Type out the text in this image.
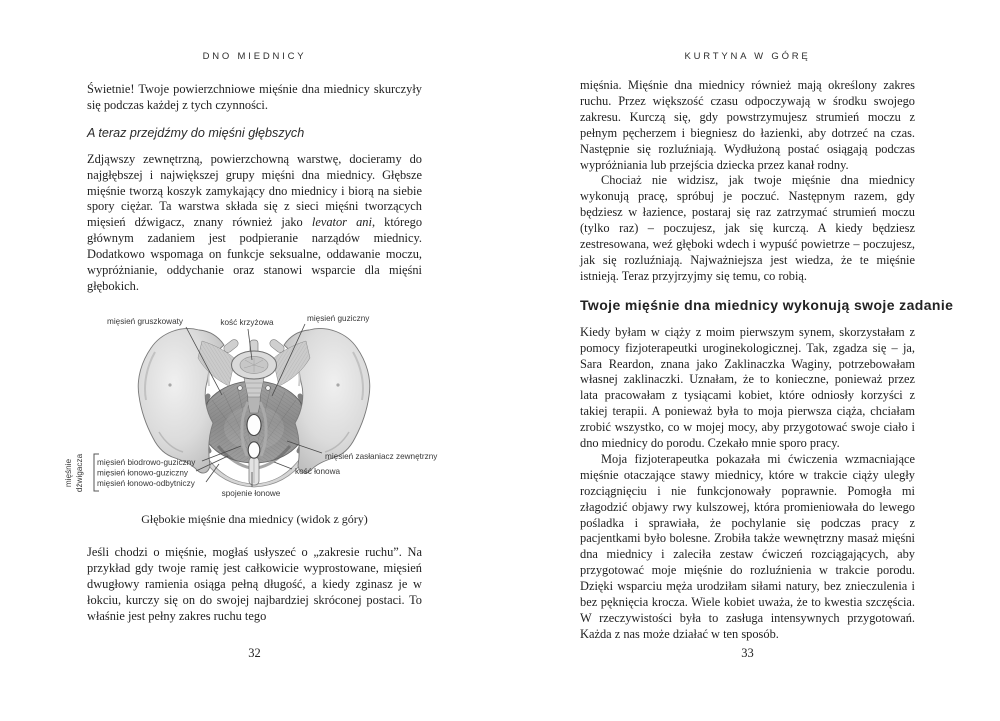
DNO MIEDNICY

Świetnie! Twoje powierzchniowe mięśnie dna miednicy skurczyły się podczas każdej z tych czynności.

A teraz przejdźmy do mięśni głębszych

Zdjąwszy zewnętrzną, powierzchowną warstwę, docieramy do najgłębszej i największej grupy mięśni dna miednicy. Głębsze mięśnie tworzą koszyk zamykający dno miednicy i biorą na siebie spory ciężar. Ta warstwa składa się z sieci mięśni tworzących mięsień dźwigacz, znany również jako levator ani, którego głównym zadaniem jest podpieranie narządów miednicy. Dodatkowo wspomaga on funkcje seksualne, oddawanie moczu, wypróżnianie, oddychanie oraz stanowi wsparcie dla mięśni głębokich.

mięsień gruszkowaty	kość krzyżowa	mięsień guziczny
mięsień zasłaniacz zewnętrzny
kość łonowa
spojenie łonowe
mięsień biodrowo-guziczny
mięsień łonowo-guziczny
mięsień łonowo-odbytniczy
mięśnie dźwigacza
Głębokie mięśnie dna miednicy (widok z góry)

Jeśli chodzi o mięśnie, mogłaś usłyszeć o „zakresie ruchu”. Na przykład gdy twoje ramię jest całkowicie wyprostowane, mięsień dwugłowy ramienia osiąga pełną długość, a kiedy zginasz je w łokciu, kurczy się on do swojej najbardziej skróconej postaci. To właśnie jest pełny zakres ruchu tego

32
KURTYNA W GÓRĘ

mięśnia. Mięśnie dna miednicy również mają określony zakres ruchu. Przez większość czasu odpoczywają w środku swojego zakresu. Kurczą się, gdy powstrzymujesz strumień moczu z pełnym pęcherzem i biegniesz do łazienki, aby dotrzeć na czas. Następnie się rozluźniają. Wydłużoną postać osiągają podczas wypróżniania lub przejścia dziecka przez kanał rodny.

Chociaż nie widzisz, jak twoje mięśnie dna miednicy wykonują pracę, spróbuj je poczuć. Następnym razem, gdy będziesz w łazience, postaraj się raz zatrzymać strumień moczu (tylko raz) – poczujesz, jak się kurczą. A kiedy będziesz zestresowana, weź głęboki wdech i wypuść powietrze – poczujesz, jak się rozluźniają. Najważniejsza jest wiedza, że te mięśnie istnieją. Teraz przyjrzyjmy się temu, co robią.

Twoje mięśnie dna miednicy wykonują swoje zadanie

Kiedy byłam w ciąży z moim pierwszym synem, skorzystałam z pomocy fizjoterapeutki uroginekologicznej. Tak, zgadza się – ja, Sara Reardon, znana jako Zaklinaczka Waginy, potrzebowałam własnej zaklinaczki. Uznałam, że to konieczne, ponieważ przez lata pracowałam z tysiącami kobiet, które odniosły korzyści z takiej terapii. A ponieważ była to moja pierwsza ciąża, chciałam zrobić wszystko, co w mojej mocy, aby przygotować swoje ciało i dno miednicy do porodu. Czekało mnie sporo pracy.

Moja fizjoterapeutka pokazała mi ćwiczenia wzmacniające mięśnie otaczające stawy miednicy, które w trakcie ciąży uległy rozciągnięciu i nie funkcjonowały poprawnie. Pomogła mi złagodzić objawy rwy kulszowej, która promieniowała do lewego pośladka i sprawiała, że pochylanie się podczas pracy z pacjentkami było bolesne. Zrobiła także wewnętrzny masaż mięśni dna miednicy i zaleciła zestaw ćwiczeń rozciągających, aby przygotować moje mięśnie do rozluźnienia w trakcie porodu. Dzięki wsparciu męża urodziłam siłami natury, bez znieczulenia i bez pęknięcia krocza. Wiele kobiet uważa, że to kwestia szczęścia. W rzeczywistości była to zasługa intensywnych przygotowań. Każda z nas może działać w ten sposób.

33
